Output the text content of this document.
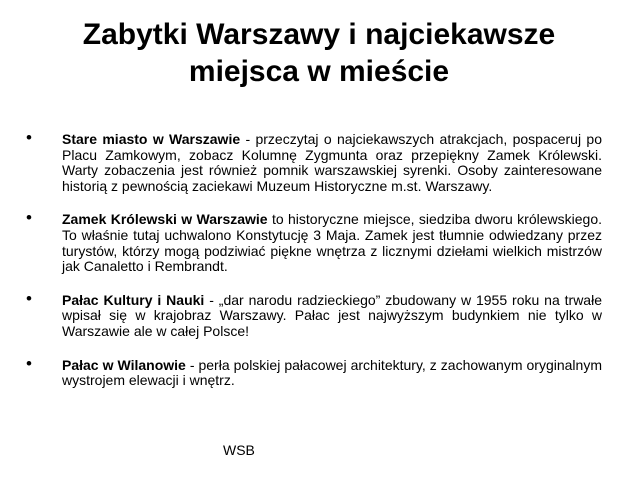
Zabytki Warszawy i najciekawsze
miejsca w mieście
• Stare miasto w Warszawie - przeczytaj o najciekawszych atrakcjach, pospaceruj po Placu Zamkowym, zobacz Kolumnę Zygmunta oraz przepiękny Zamek Królewski. Warty zobaczenia jest również pomnik warszawskiej syrenki. Osoby zainteresowane historią z pewnością zaciekawi Muzeum Historyczne m.st. Warszawy.
• Zamek Królewski w Warszawie to historyczne miejsce, siedziba dworu królewskiego. To właśnie tutaj uchwalono Konstytucję 3 Maja. Zamek jest tłumnie odwiedzany przez turystów, którzy mogą podziwiać piękne wnętrza z licznymi dziełami wielkich mistrzów jak Canaletto i Rembrandt.
• Pałac Kultury i Nauki - „dar narodu radzieckiego” zbudowany w 1955 roku na trwałe wpisał się w krajobraz Warszawy. Pałac jest najwyższym budynkiem nie tylko w Warszawie ale w całej Polsce!
• Pałac w Wilanowie - perła polskiej pałacowej architektury, z zachowanym oryginalnym wystrojem elewacji i wnętrz.
WSB
